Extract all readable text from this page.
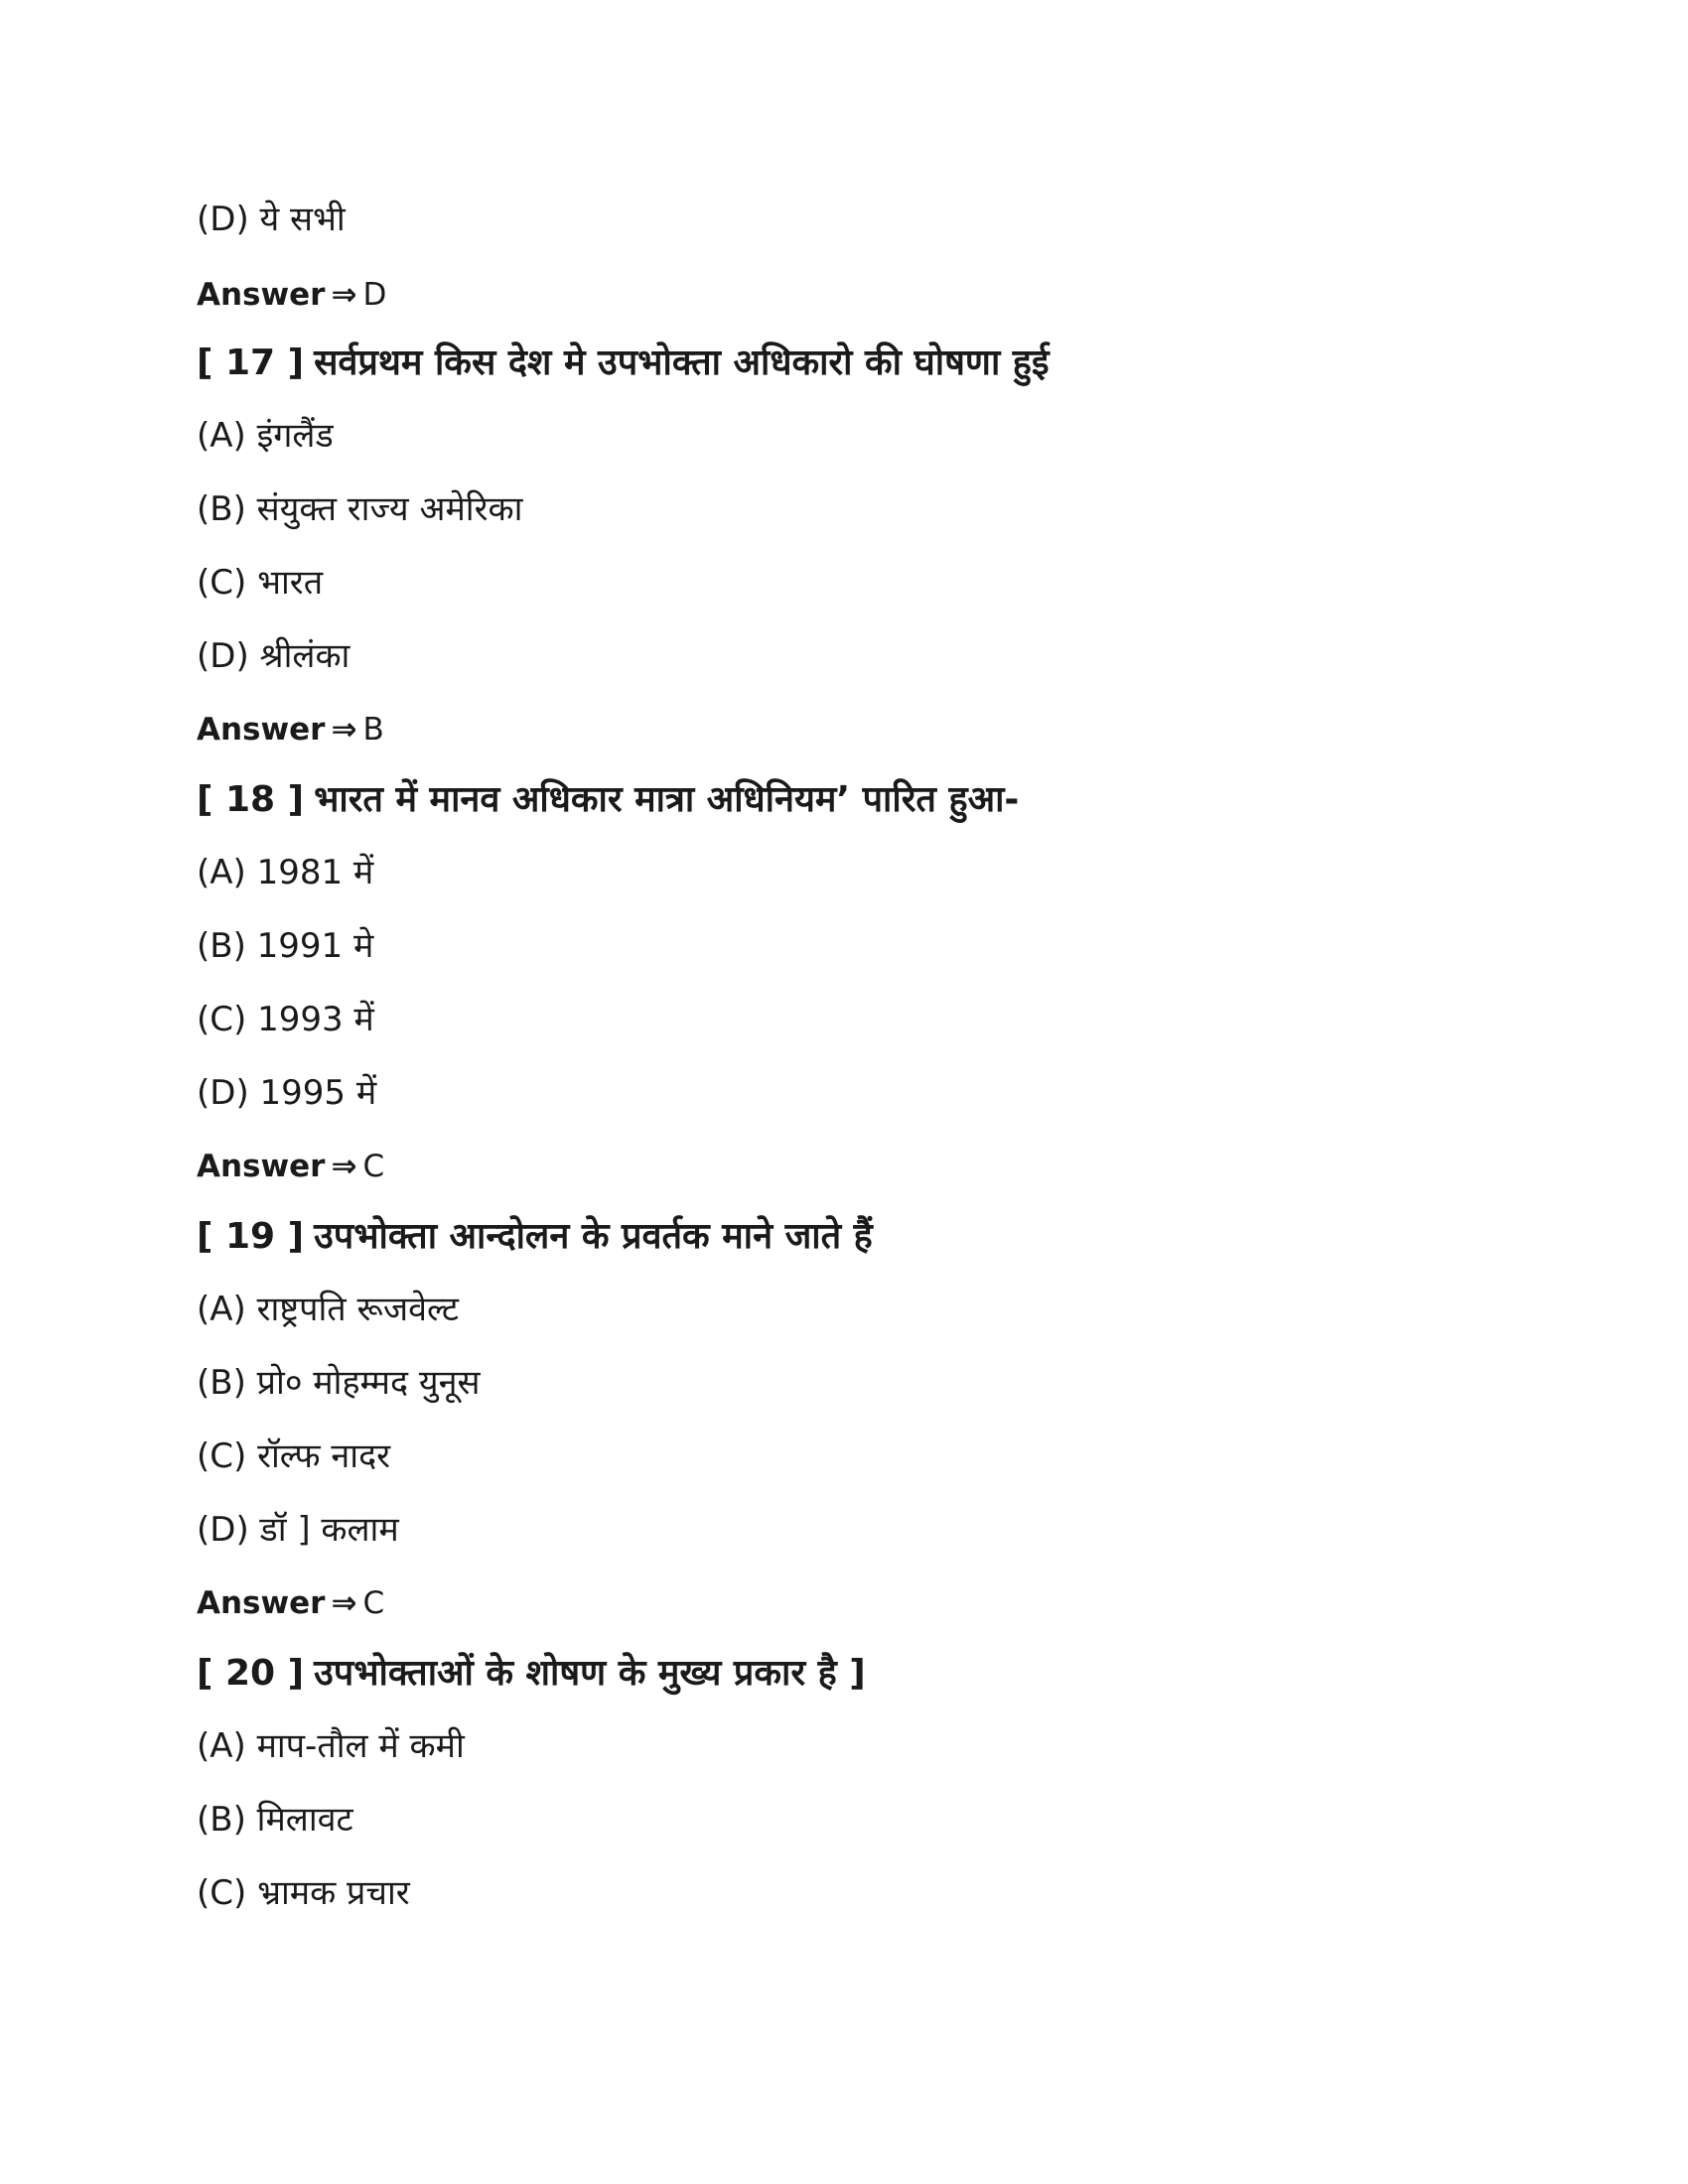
(D) ये सभी
Answer ⇒ D
[ 17 ] सर्वप्रथम किस देश मे उपभोक्ता अधिकारो की घोषणा हुई
(A) इंगलैंड
(B) संयुक्त राज्य अमेरिका
(C) भारत
(D) श्रीलंका
Answer ⇒ B
[ 18 ] भारत में मानव अधिकार मात्रा अधिनियम’ पारित हुआ-
(A) 1981 में
(B) 1991 मे
(C) 1993 में
(D) 1995 में
Answer ⇒ C
[ 19 ] उपभोक्ता आन्दोलन के प्रवर्तक माने जाते हैं
(A) राष्ट्रपति रूजवेल्ट
(B) प्रो० मोहम्मद युनूस
(C) रॉल्फ नादर
(D) डॉ ] कलाम
Answer ⇒ C
[ 20 ] उपभोक्ताओं के शोषण के मुख्य प्रकार है ]
(A) माप-तौल में कमी
(B) मिलावट
(C) भ्रामक प्रचार
